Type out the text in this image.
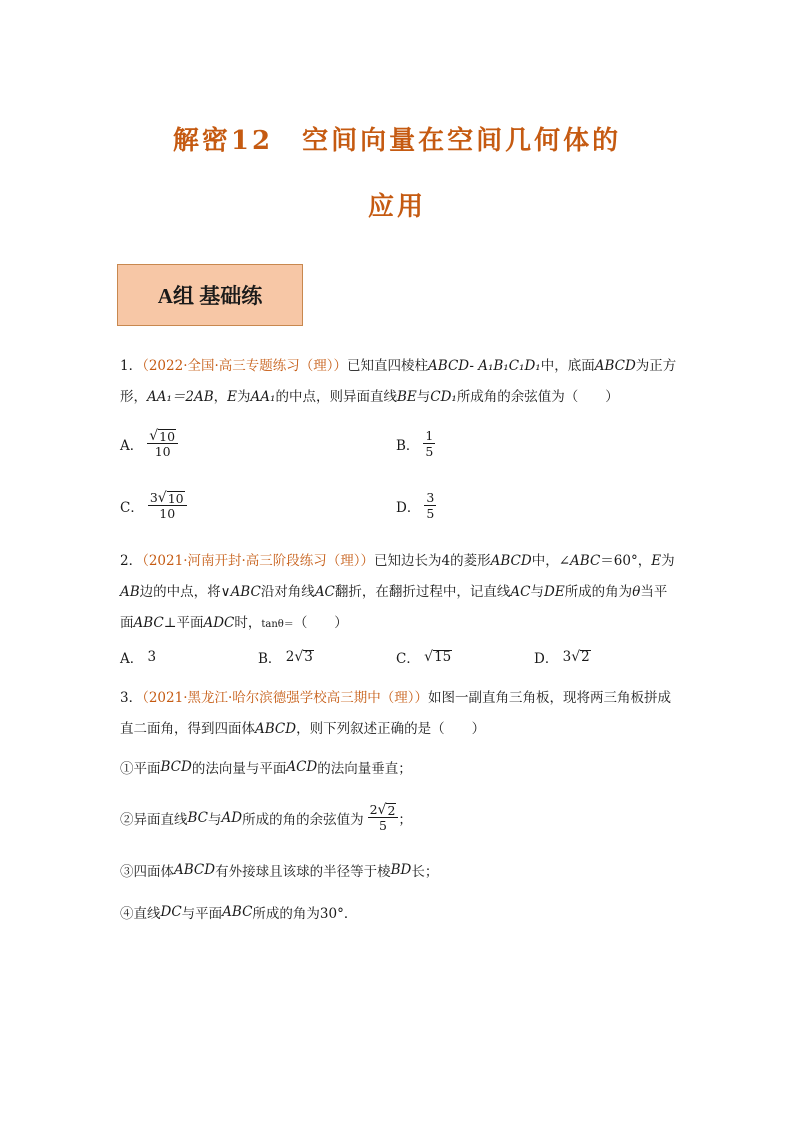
解密12　空间向量在空间几何体的
应用
A组 基础练
1．（2022·全国·高三专题练习（理））已知直四棱柱ABCD- A₁B₁C₁D₁中，底面ABCD为正方形，AA₁＝2AB，E为AA₁的中点，则异面直线BE与CD₁所成角的余弦值为（　　）
A． $\frac{√ 10}{10}$	B． $\frac{1}{5}$
C． $\frac{3 √ 10}{10}$	D． $\frac{3}{5}$
2．（2021·河南开封·高三阶段练习（理））已知边长为4的菱形ABCD中，∠ABC＝60°，E为AB边的中点，将∨ABC沿对角线AC翻折，在翻折过程中，记直线AC与DE所成的角为θ当平面ABC⊥平面ADC时，tanθ＝（　　）
A．
3	B．
2 √ 3	C．
√ 15	D．
3 √ 2
3．（2021·黑龙江·哈尔滨德强学校高三期中（理））如图一副直角三角板，现将两三角板拼成直二面角，得到四面体ABCD，则下列叙述正确的是（　　）
①平面 BCD 的法向量与平面 ACD 的法向量垂直；
②异面直线 BC 与 AD 所成的角的余弦值为 $\frac{2 √ 2}{5}$ ；
③四面体 ABCD 有外接球且该球的半径等于棱 BD 长；
④直线 DC 与平面 ABC 所成的角为30°．
